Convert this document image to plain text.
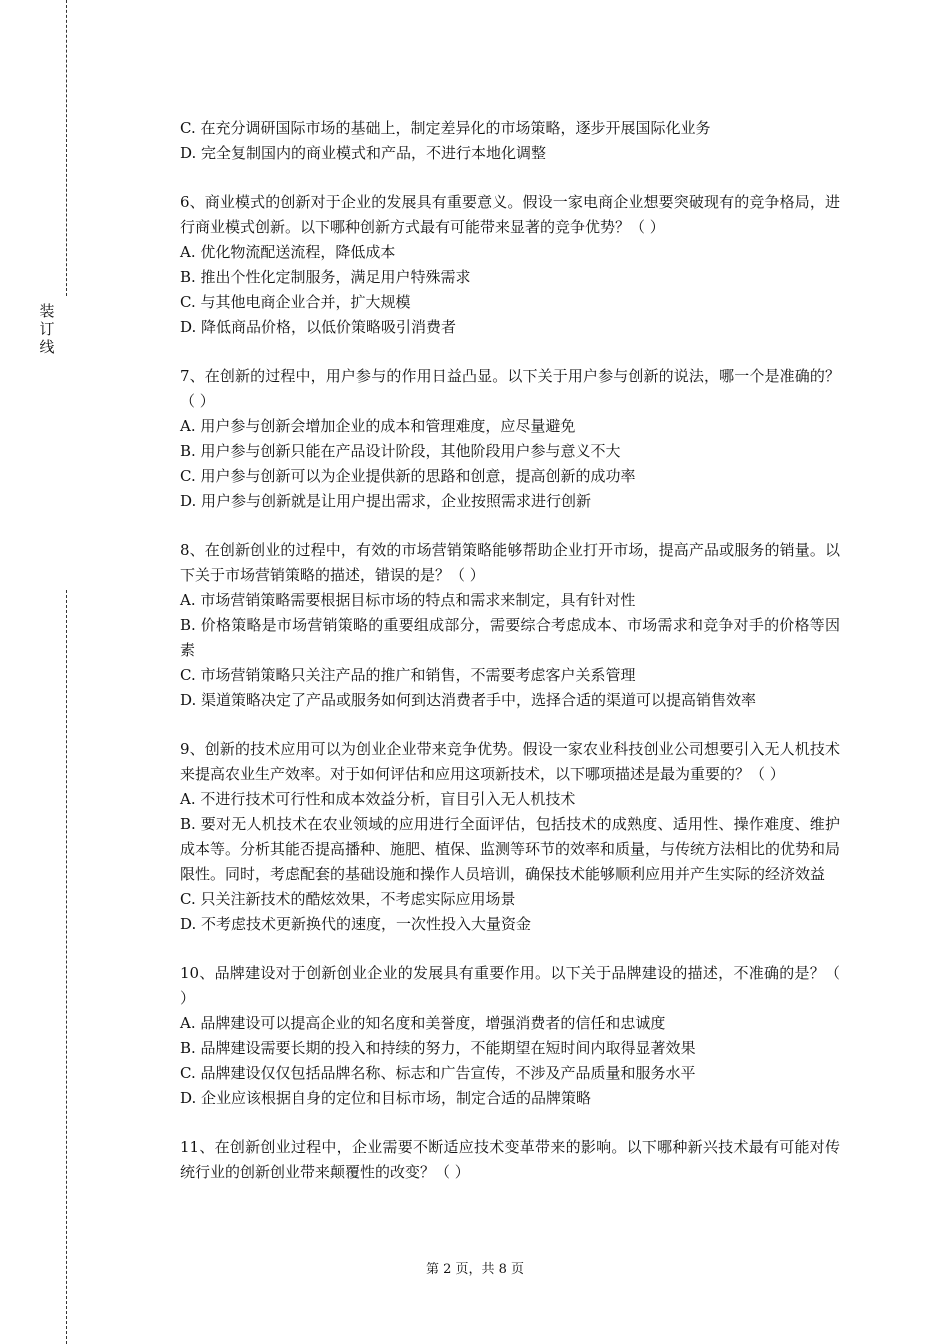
装
订
线

C. 在充分调研国际市场的基础上，制定差异化的市场策略，逐步开展国际化业务

D. 完全复制国内的商业模式和产品，不进行本地化调整

6、商业模式的创新对于企业的发展具有重要意义。假设一家电商企业想要突破现有的竞争格局，进行商业模式创新。以下哪种创新方式最有可能带来显著的竞争优势？（ ）

A. 优化物流配送流程，降低成本

B. 推出个性化定制服务，满足用户特殊需求

C. 与其他电商企业合并，扩大规模

D. 降低商品价格，以低价策略吸引消费者

7、在创新的过程中，用户参与的作用日益凸显。以下关于用户参与创新的说法，哪一个是准确的？（ ）

A. 用户参与创新会增加企业的成本和管理难度，应尽量避免

B. 用户参与创新只能在产品设计阶段，其他阶段用户参与意义不大

C. 用户参与创新可以为企业提供新的思路和创意，提高创新的成功率

D. 用户参与创新就是让用户提出需求，企业按照需求进行创新

8、在创新创业的过程中，有效的市场营销策略能够帮助企业打开市场，提高产品或服务的销量。以下关于市场营销策略的描述，错误的是？（ ）

A. 市场营销策略需要根据目标市场的特点和需求来制定，具有针对性

B. 价格策略是市场营销策略的重要组成部分，需要综合考虑成本、市场需求和竞争对手的价格等因素

C. 市场营销策略只关注产品的推广和销售，不需要考虑客户关系管理

D. 渠道策略决定了产品或服务如何到达消费者手中，选择合适的渠道可以提高销售效率

9、创新的技术应用可以为创业企业带来竞争优势。假设一家农业科技创业公司想要引入无人机技术来提高农业生产效率。对于如何评估和应用这项新技术，以下哪项描述是最为重要的？（ ）

A. 不进行技术可行性和成本效益分析，盲目引入无人机技术

B. 要对无人机技术在农业领域的应用进行全面评估，包括技术的成熟度、适用性、操作难度、维护成本等。分析其能否提高播种、施肥、植保、监测等环节的效率和质量，与传统方法相比的优势和局限性。同时，考虑配套的基础设施和操作人员培训，确保技术能够顺利应用并产生实际的经济效益

C. 只关注新技术的酷炫效果，不考虑实际应用场景

D. 不考虑技术更新换代的速度，一次性投入大量资金

10、品牌建设对于创新创业企业的发展具有重要作用。以下关于品牌建设的描述，不准确的是？（ ）

A. 品牌建设可以提高企业的知名度和美誉度，增强消费者的信任和忠诚度

B. 品牌建设需要长期的投入和持续的努力，不能期望在短时间内取得显著效果

C. 品牌建设仅仅包括品牌名称、标志和广告宣传，不涉及产品质量和服务水平

D. 企业应该根据自身的定位和目标市场，制定合适的品牌策略

11、在创新创业过程中，企业需要不断适应技术变革带来的影响。以下哪种新兴技术最有可能对传统行业的创新创业带来颠覆性的改变？（ ）

第 2 页，共 8 页
